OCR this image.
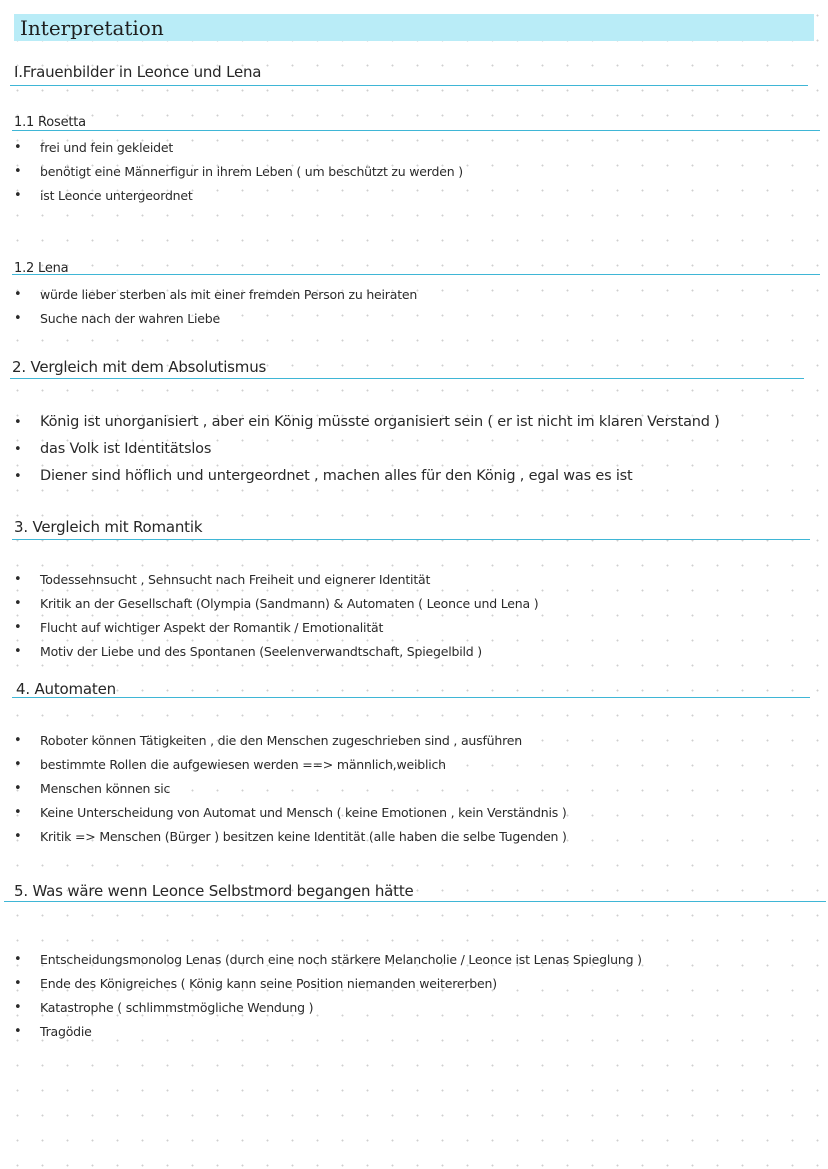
Interpretation
I.Frauenbilder in Leonce und Lena
1.1 Rosetta
• frei und fein gekleidet
• benötigt eine Männerfigur in ihrem Leben ( um beschützt zu werden )
• ist Leonce untergeordnet
1.2 Lena
• würde lieber sterben als mit einer fremden Person zu heiraten
• Suche nach der wahren Liebe
2. Vergleich mit dem Absolutismus
• König ist unorganisiert , aber ein König müsste organisiert sein ( er ist nicht im klaren Verstand )
• das Volk ist Identitätslos
• Diener sind höflich und untergeordnet , machen alles für den König , egal was es ist
3. Vergleich mit Romantik
• Todessehnsucht , Sehnsucht nach Freiheit und eignerer Identität
• Kritik an der Gesellschaft (Olympia (Sandmann) & Automaten ( Leonce und Lena )
• Flucht auf wichtiger Aspekt der Romantik / Emotionalität
• Motiv der Liebe und des Spontanen (Seelenverwandtschaft, Spiegelbild )
4. Automaten
• Roboter können Tätigkeiten , die den Menschen zugeschrieben sind , ausführen
• bestimmte Rollen die aufgewiesen werden ==> männlich,weiblich
• Menschen können sic
• Keine Unterscheidung von Automat und Mensch ( keine Emotionen , kein Verständnis )
• Kritik => Menschen (Bürger ) besitzen keine Identität (alle haben die selbe Tugenden )
5. Was wäre wenn Leonce Selbstmord begangen hätte
• Entscheidungsmonolog Lenas (durch eine noch stärkere Melancholie / Leonce ist Lenas Spieglung )
• Ende des Königreiches ( König kann seine Position niemanden weitererben)
• Katastrophe ( schlimmstmögliche Wendung )
• Tragödie
